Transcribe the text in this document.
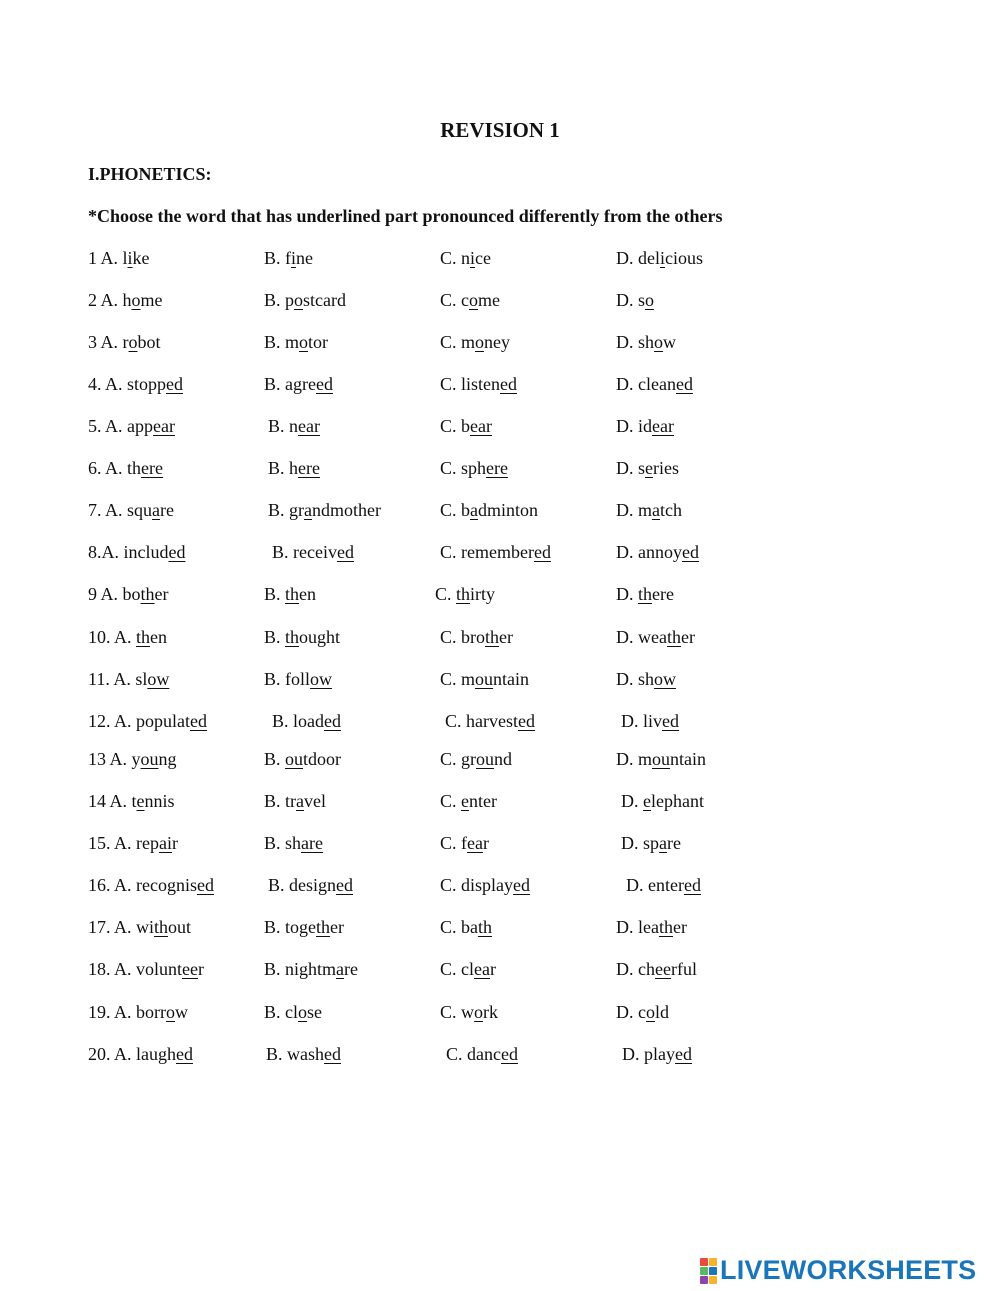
REVISION 1
I.PHONETICS:

*Choose the word that has underlined part pronounced differently from the others

1 A. like	B. fine	C. nice	D. delicious
2 A. home	B. postcard	C. come	D. so
3 A. robot	B. motor	C. money	D. show
4. A. stopped	B. agreed	C. listened	D. cleaned
5. A. appear	B. near	C. bear	D. idear
6. A. there	B. here	C. sphere	D. series
7. A. square	B. grandmother	C. badminton	D. match
8.A. included	B. received	C. remembered	D. annoyed
9 A. bother	B. then	C. thirty	D. there
10. A. then	B. thought	C. brother	D. weather
11. A. slow	B. follow	C. mountain	D. show
12. A. populated	B. loaded	C. harvested	D. lived
13 A. young	B. outdoor	C. ground	D. mountain
14 A. tennis	B. travel	C. enter	D. elephant
15. A. repair	B. share	C. fear	D. spare
16. A. recognised	B. designed	C. displayed	D. entered
17. A. without	B. together	C. bath	D. leather
18. A. volunteer	B. nightmare	C. clear	D. cheerful
19. A. borrow	B. close	C. work	D. cold
20. A. laughed	B. washed	C. danced	D. played
LIVEWORKSHEETS
